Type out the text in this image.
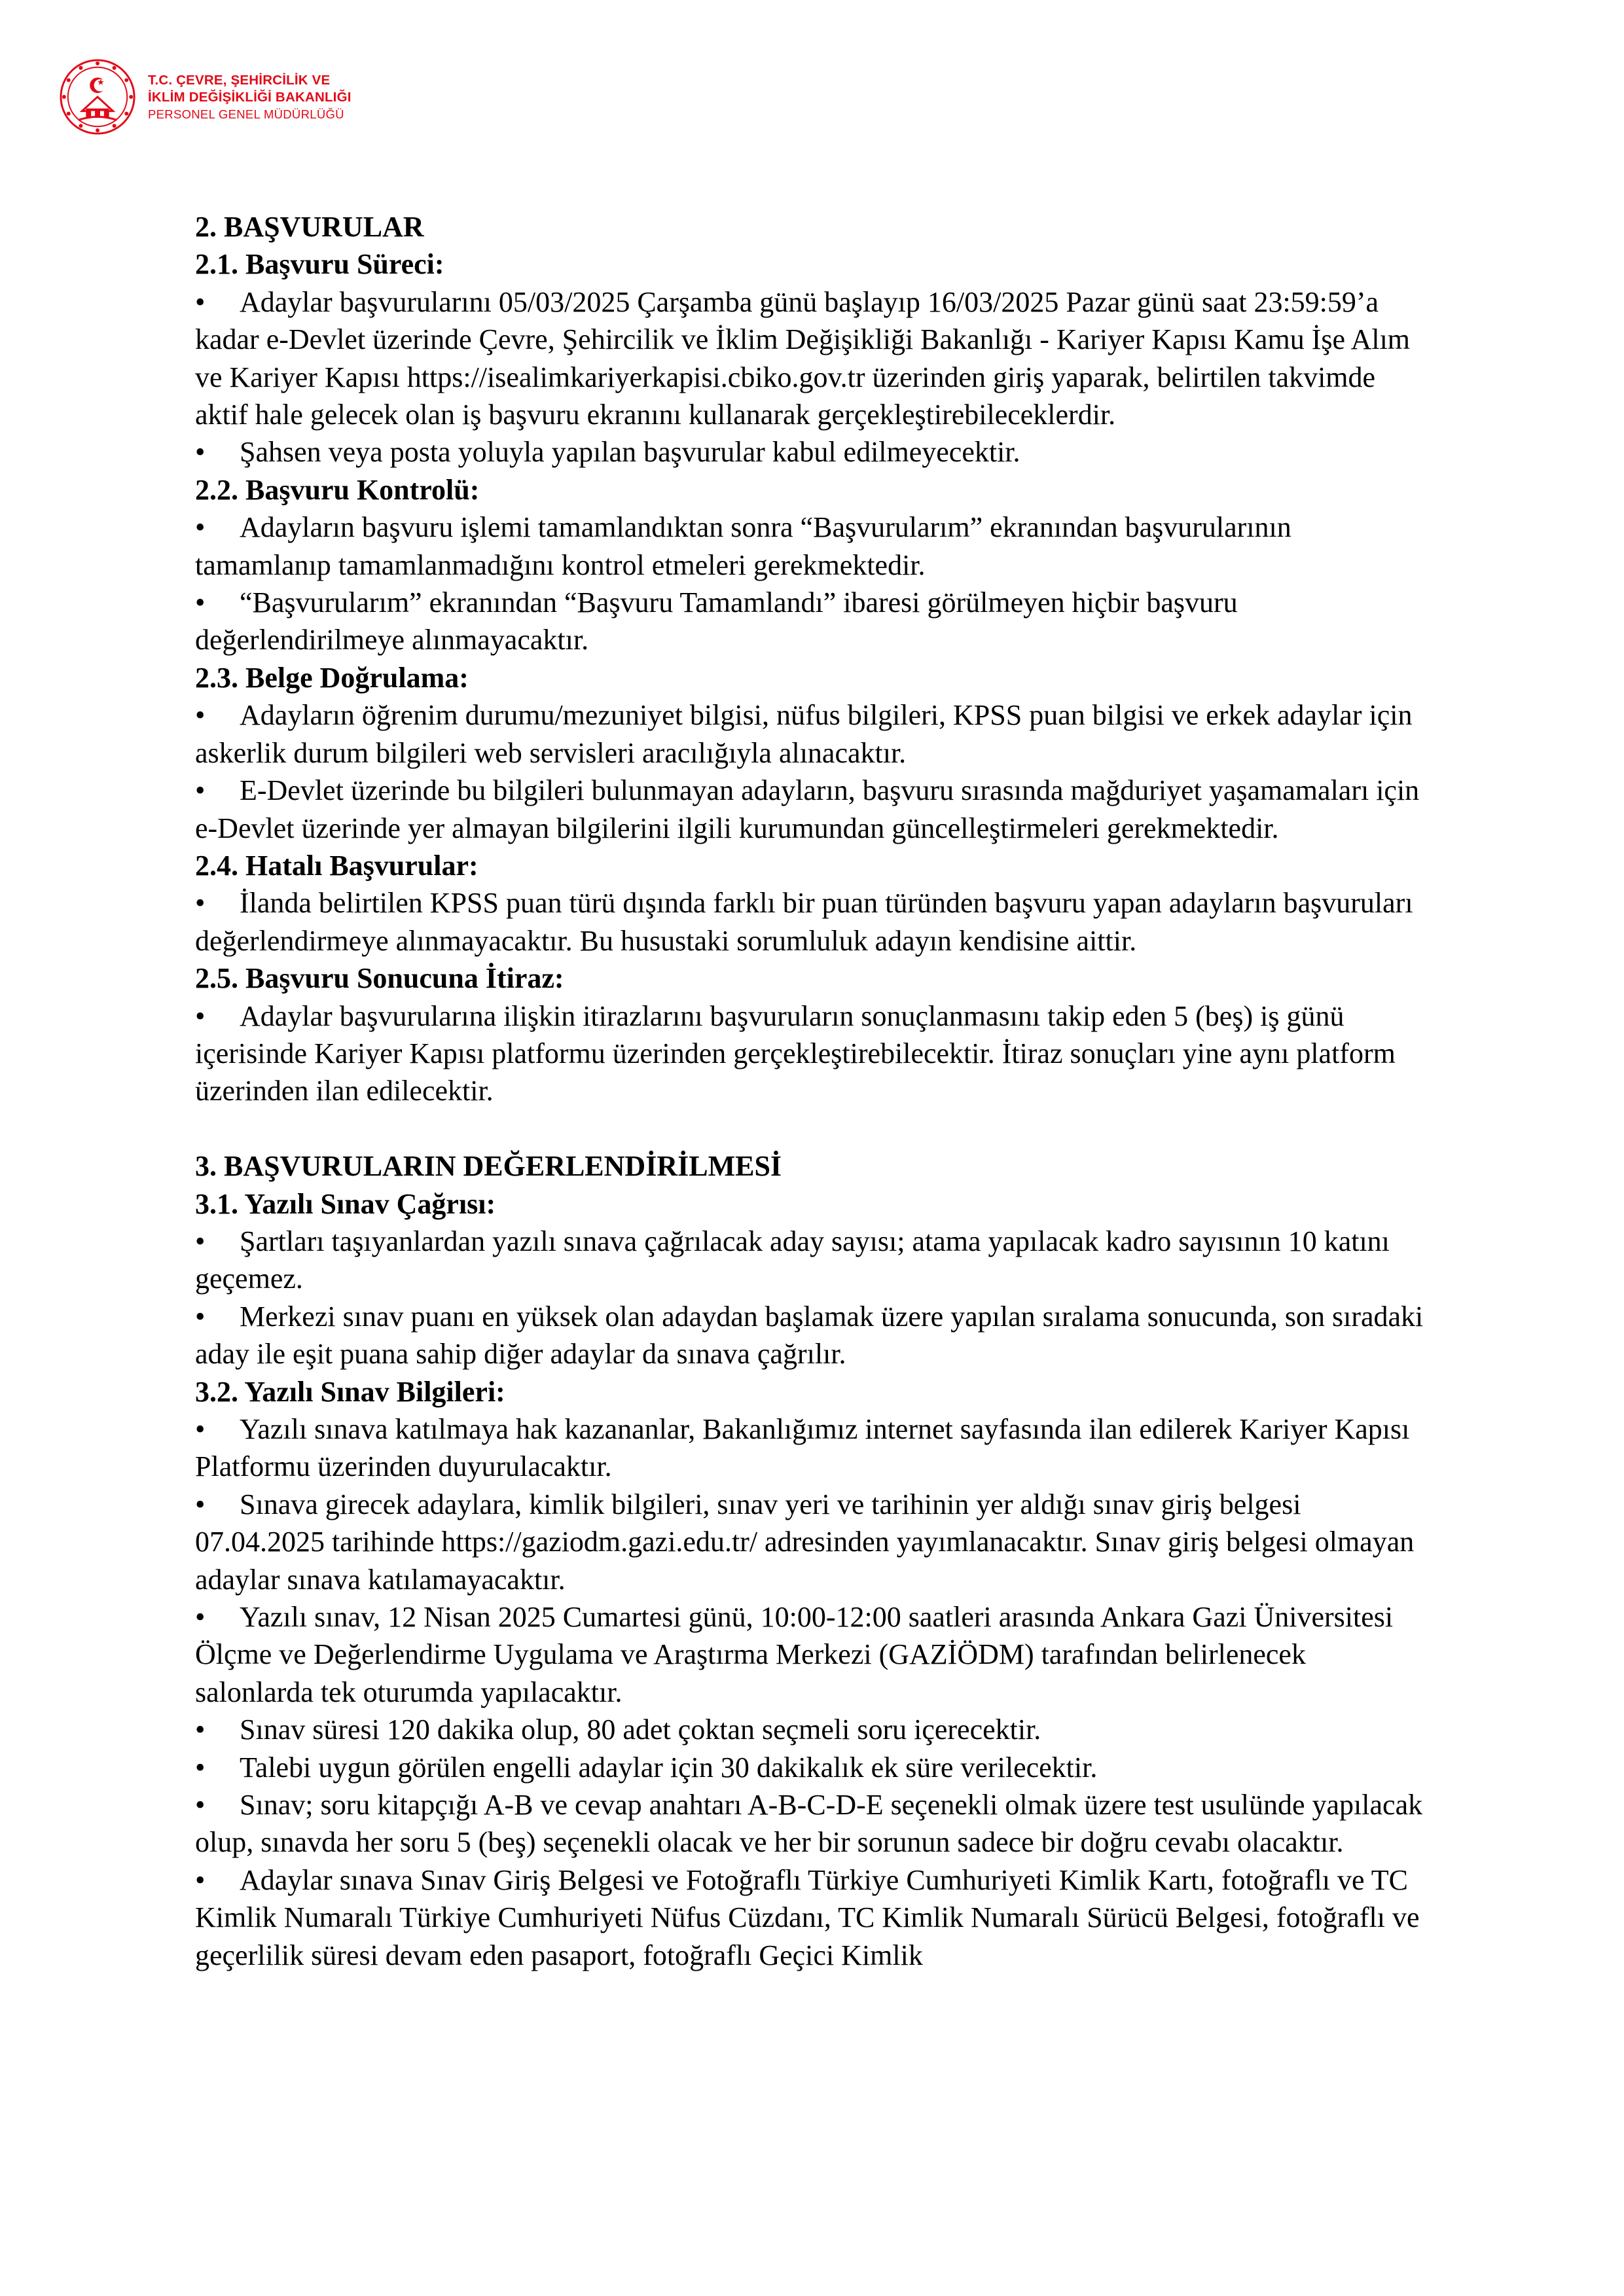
T.C. ÇEVRE, ŞEHİRCİLİK VE
İKLİM DEĞİŞİKLİĞİ BAKANLIĞI
PERSONEL GENEL MÜDÜRLÜĞÜ

2. BAŞVURULAR

2.1. Başvuru Süreci:

• Adaylar başvurularını 05/03/2025 Çarşamba günü başlayıp 16/03/2025 Pazar günü saat 23:59:59’a kadar e-Devlet üzerinde Çevre, Şehircilik ve İklim Değişikliği Bakanlığı - Kariyer Kapısı Kamu İşe Alım ve Kariyer Kapısı https://isealimkariyerkapisi.cbiko.gov.tr üzerinden giriş yaparak, belirtilen takvimde aktif hale gelecek olan iş başvuru ekranını kullanarak gerçekleştirebileceklerdir.

• Şahsen veya posta yoluyla yapılan başvurular kabul edilmeyecektir.

2.2. Başvuru Kontrolü:

• Adayların başvuru işlemi tamamlandıktan sonra “Başvurularım” ekranından başvurularının tamamlanıp tamamlanmadığını kontrol etmeleri gerekmektedir.

• “Başvurularım” ekranından “Başvuru Tamamlandı” ibaresi görülmeyen hiçbir başvuru değerlendirilmeye alınmayacaktır.

2.3. Belge Doğrulama:

• Adayların öğrenim durumu/mezuniyet bilgisi, nüfus bilgileri, KPSS puan bilgisi ve erkek adaylar için askerlik durum bilgileri web servisleri aracılığıyla alınacaktır.

• E-Devlet üzerinde bu bilgileri bulunmayan adayların, başvuru sırasında mağduriyet yaşamamaları için e-Devlet üzerinde yer almayan bilgilerini ilgili kurumundan güncelleştirmeleri gerekmektedir.

2.4. Hatalı Başvurular:

• İlanda belirtilen KPSS puan türü dışında farklı bir puan türünden başvuru yapan adayların başvuruları değerlendirmeye alınmayacaktır. Bu husustaki sorumluluk adayın kendisine aittir.

2.5. Başvuru Sonucuna İtiraz:

• Adaylar başvurularına ilişkin itirazlarını başvuruların sonuçlanmasını takip eden 5 (beş) iş günü içerisinde Kariyer Kapısı platformu üzerinden gerçekleştirebilecektir. İtiraz sonuçları yine aynı platform üzerinden ilan edilecektir.

3. BAŞVURULARIN DEĞERLENDİRİLMESİ

3.1. Yazılı Sınav Çağrısı:

• Şartları taşıyanlardan yazılı sınava çağrılacak aday sayısı; atama yapılacak kadro sayısının 10 katını geçemez.

• Merkezi sınav puanı en yüksek olan adaydan başlamak üzere yapılan sıralama sonucunda, son sıradaki aday ile eşit puana sahip diğer adaylar da sınava çağrılır.

3.2. Yazılı Sınav Bilgileri:

• Yazılı sınava katılmaya hak kazananlar, Bakanlığımız internet sayfasında ilan edilerek Kariyer Kapısı Platformu üzerinden duyurulacaktır.

• Sınava girecek adaylara, kimlik bilgileri, sınav yeri ve tarihinin yer aldığı sınav giriş belgesi 07.04.2025 tarihinde https://gaziodm.gazi.edu.tr/ adresinden yayımlanacaktır. Sınav giriş belgesi olmayan adaylar sınava katılamayacaktır.

• Yazılı sınav, 12 Nisan 2025 Cumartesi günü, 10:00-12:00 saatleri arasında Ankara Gazi Üniversitesi Ölçme ve Değerlendirme Uygulama ve Araştırma Merkezi (GAZİÖDM) tarafından belirlenecek salonlarda tek oturumda yapılacaktır.

• Sınav süresi 120 dakika olup, 80 adet çoktan seçmeli soru içerecektir.

• Talebi uygun görülen engelli adaylar için 30 dakikalık ek süre verilecektir.

• Sınav; soru kitapçığı A-B ve cevap anahtarı A-B-C-D-E seçenekli olmak üzere test usulünde yapılacak olup, sınavda her soru 5 (beş) seçenekli olacak ve her bir sorunun sadece bir doğru cevabı olacaktır.

• Adaylar sınava Sınav Giriş Belgesi ve Fotoğraflı Türkiye Cumhuriyeti Kimlik Kartı, fotoğraflı ve TC Kimlik Numaralı Türkiye Cumhuriyeti Nüfus Cüzdanı, TC Kimlik Numaralı Sürücü Belgesi, fotoğraflı ve geçerlilik süresi devam eden pasaport, fotoğraflı Geçici Kimlik
